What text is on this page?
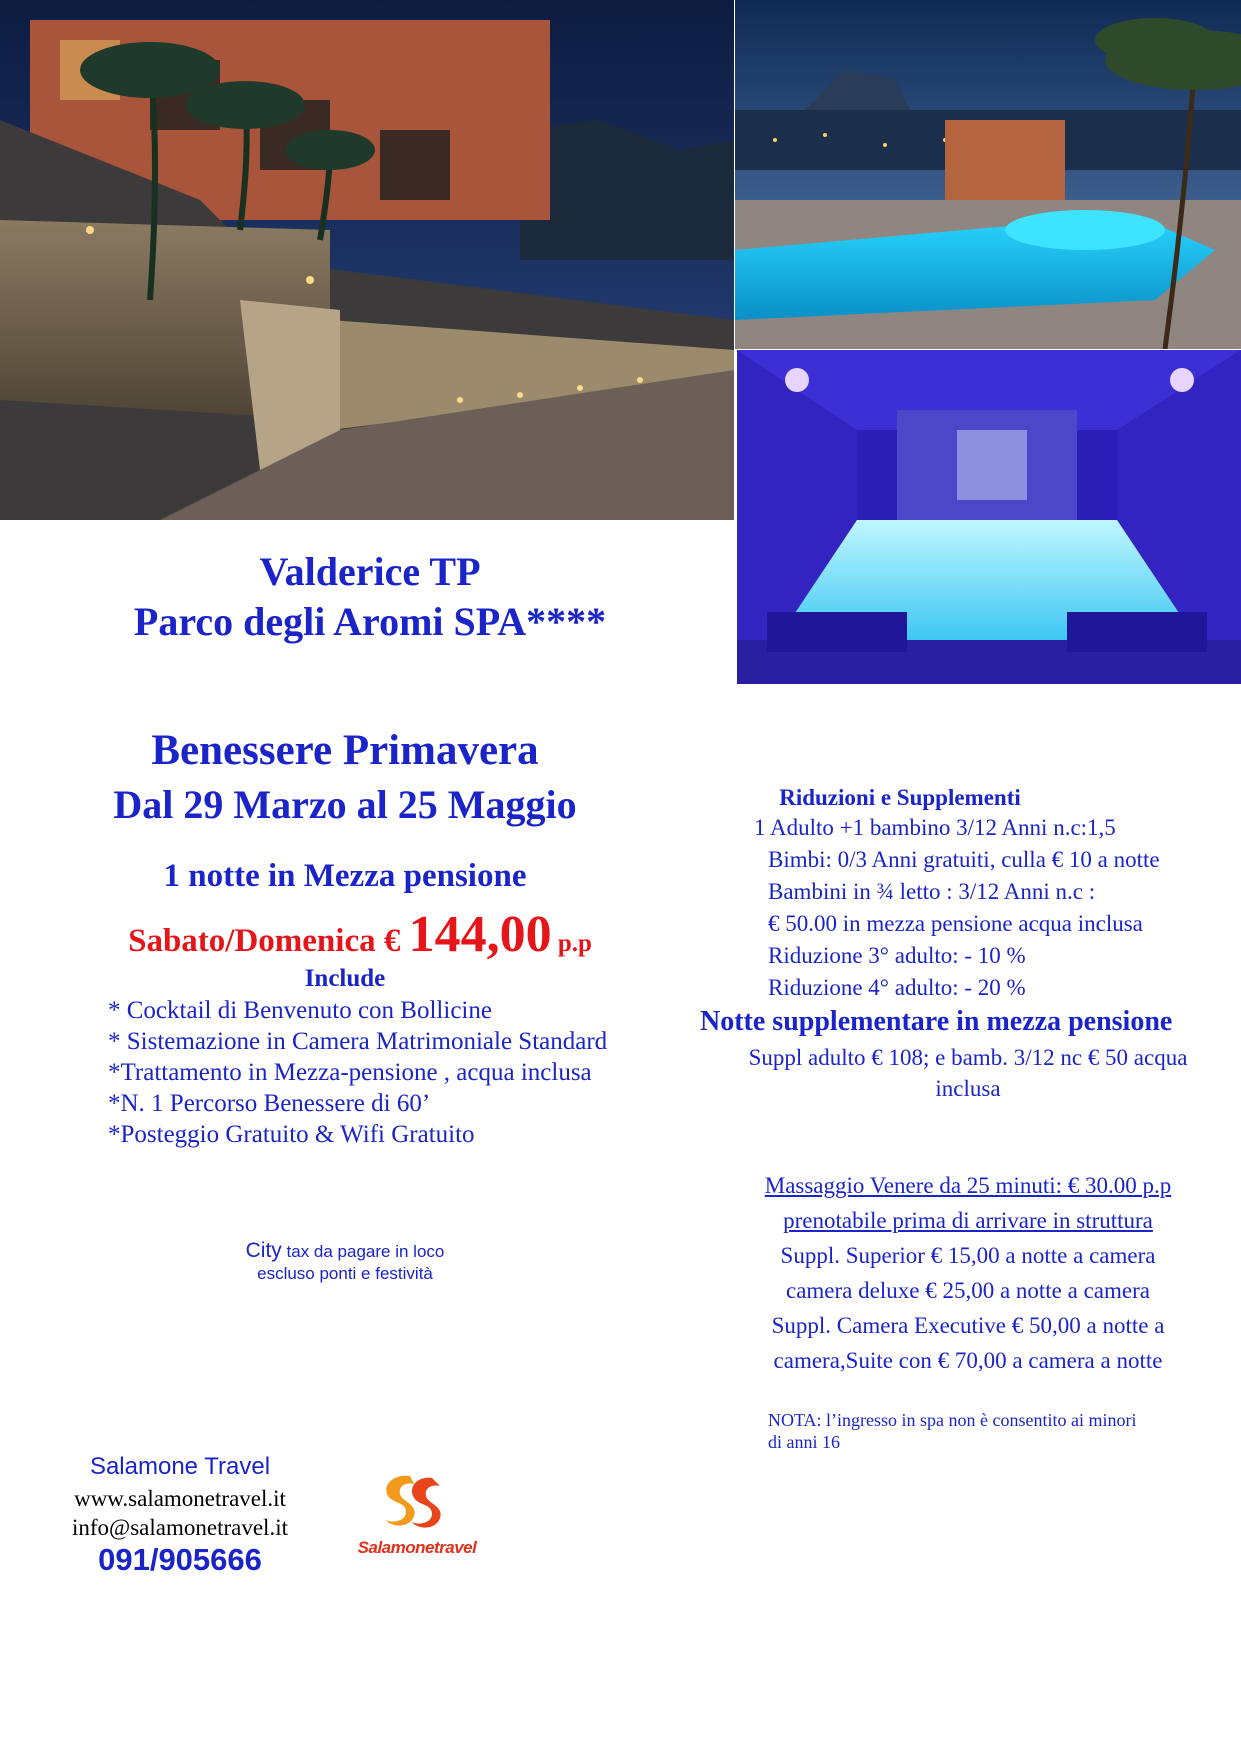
Valderice TP
Parco degli Aromi SPA****
Benessere Primavera
Dal 29 Marzo al 25 Maggio
1 notte in Mezza pensione
Sabato/Domenica € 144,00 p.p
Include
* Cocktail di Benvenuto con Bollicine
* Sistemazione in Camera Matrimoniale Standard
*Trattamento in Mezza-pensione , acqua inclusa
*N. 1 Percorso Benessere di 60’
*Posteggio Gratuito & Wifi Gratuito
City tax da pagare in loco
escluso ponti e festività
Riduzioni e Supplementi
1 Adulto +1 bambino 3/12 Anni n.c:1,5
Bimbi: 0/3 Anni gratuiti, culla € 10 a notte
Bambini in ¾ letto : 3/12 Anni n.c :
€ 50.00 in mezza pensione acqua inclusa
Riduzione 3° adulto: - 10 %
Riduzione 4° adulto: - 20 %
Notte supplementare in mezza pensione
Suppl adulto € 108; e bamb. 3/12 nc € 50 acqua
inclusa
Massaggio Venere da 25 minuti: € 30.00 p.p
prenotabile prima di arrivare in struttura
Suppl. Superior € 15,00 a notte a camera
camera deluxe € 25,00 a notte a camera
Suppl. Camera Executive € 50,00 a notte a
camera,Suite con € 70,00 a camera a notte
NOTA: l’ingresso in spa non è consentito ai minori
di anni 16
Salamone Travel
www.salamonetravel.it
info@salamonetravel.it
091/905666	Salamonetravel
